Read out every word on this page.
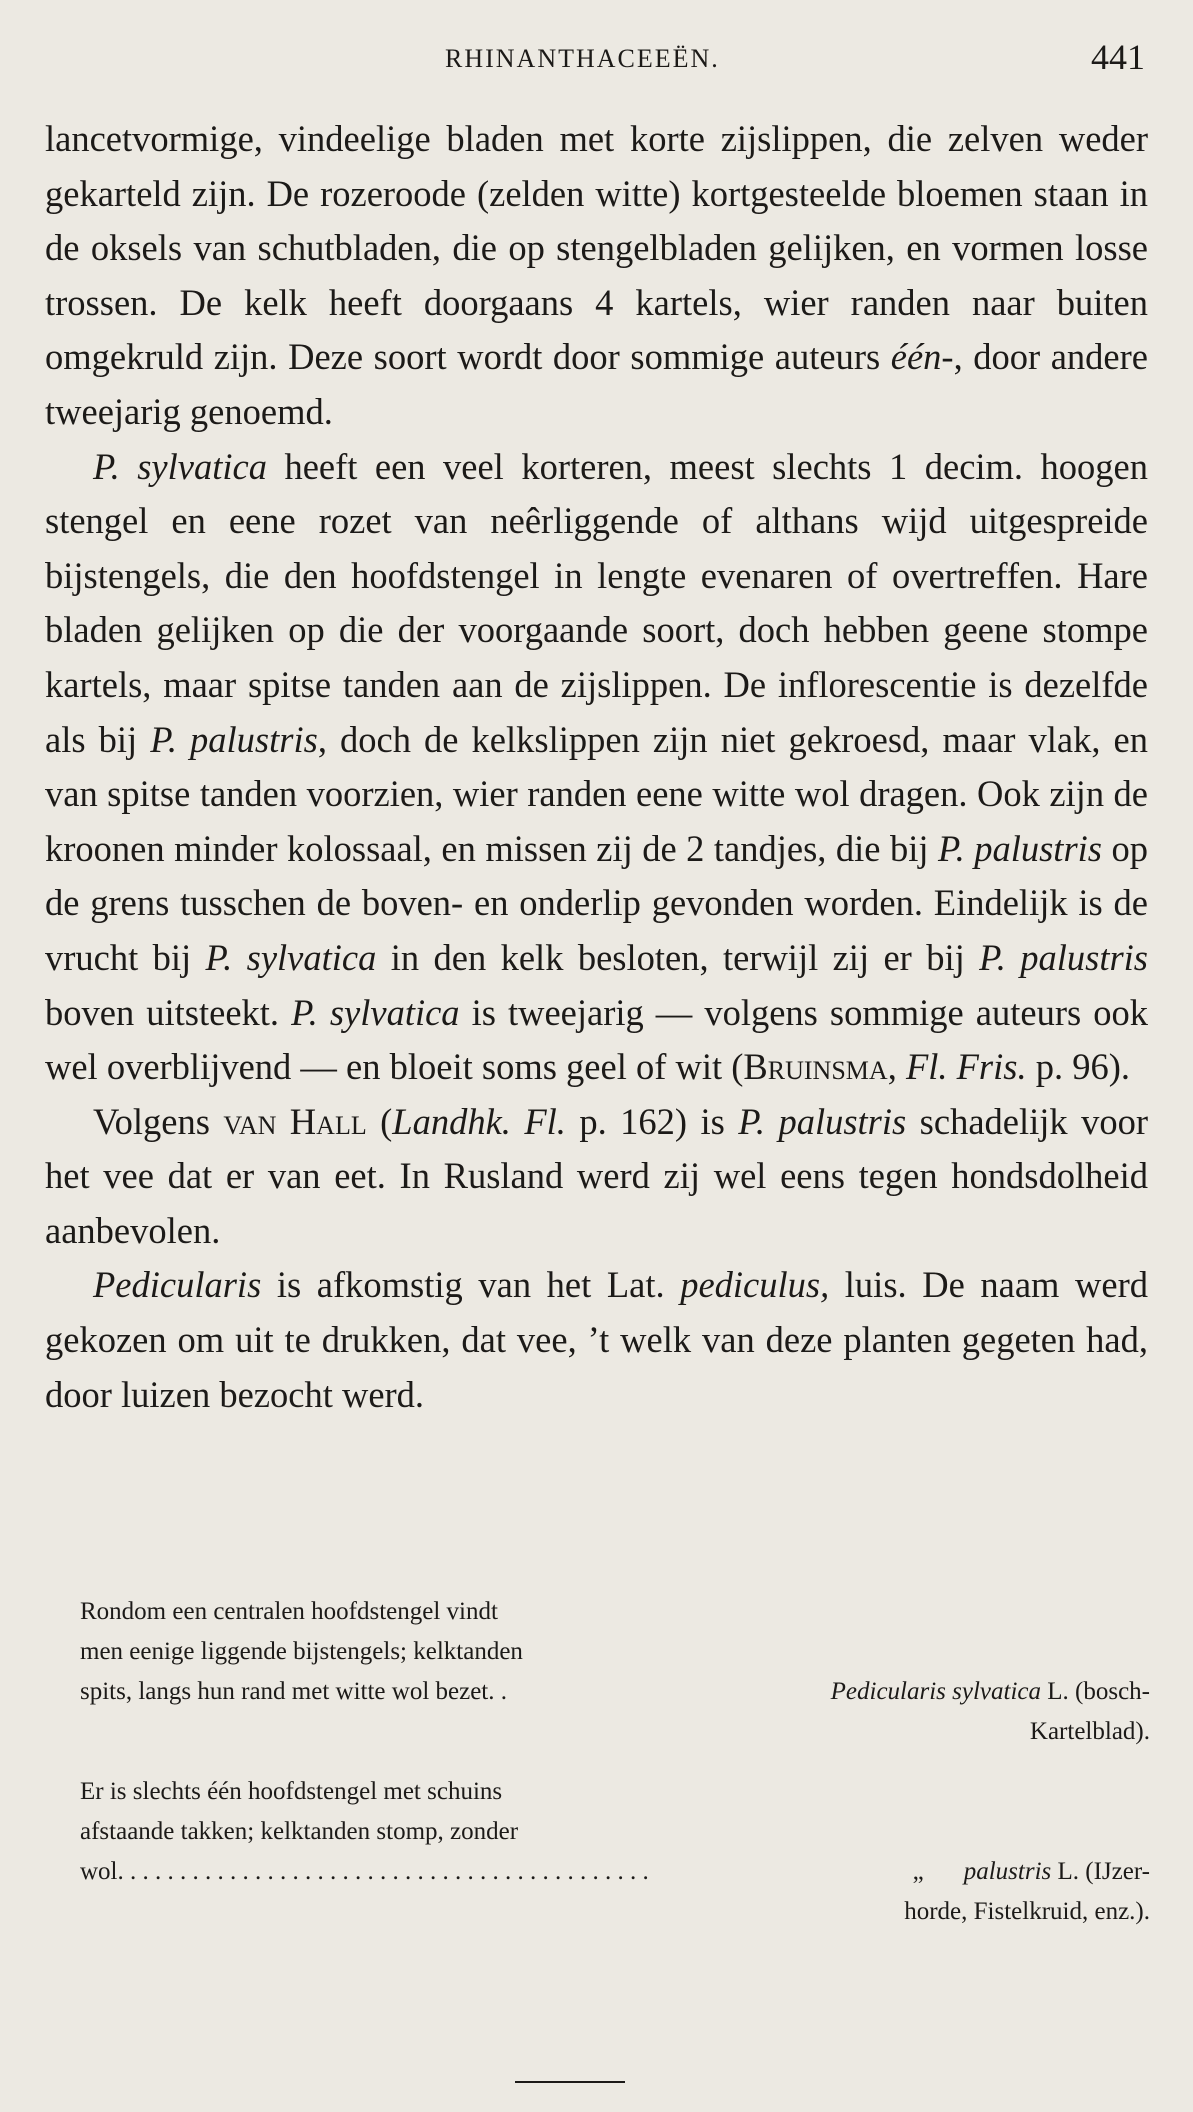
RHINANTHACEEËN.	441

lancetvormige, vindeelige bladen met korte zijslippen, die zelven weder gekarteld zijn. De rozeroode (zelden witte) kortgesteelde bloemen staan in de oksels van schutbladen, die op stengelbladen gelijken, en vormen losse trossen. De kelk heeft doorgaans 4 kartels, wier randen naar buiten omgekruld zijn. Deze soort wordt door sommige auteurs één-, door andere tweejarig genoemd.

P. sylvatica heeft een veel korteren, meest slechts 1 decim. hoogen stengel en eene rozet van neêrliggende of althans wijd uitgespreide bijstengels, die den hoofdstengel in lengte evenaren of overtreffen. Hare bladen gelijken op die der voorgaande soort, doch hebben geene stompe kartels, maar spitse tanden aan de zijslippen. De inflorescentie is dezelfde als bij P. palustris, doch de kelkslippen zijn niet gekroesd, maar vlak, en van spitse tanden voorzien, wier randen eene witte wol dragen. Ook zijn de kroonen minder kolossaal, en missen zij de 2 tandjes, die bij P. palustris op de grens tusschen de boven- en onderlip gevonden worden. Eindelijk is de vrucht bij P. sylvatica in den kelk besloten, terwijl zij er bij P. palustris boven uitsteekt. P. sylvatica is tweejarig — volgens sommige auteurs ook wel overblijvend — en bloeit soms geel of wit (Bruinsma, Fl. Fris. p. 96).

Volgens van Hall (Landhk. Fl. p. 162) is P. palustris schadelijk voor het vee dat er van eet. In Rusland werd zij wel eens tegen hondsdolheid aanbevolen.

Pedicularis is afkomstig van het Lat. pediculus, luis. De naam werd gekozen om uit te drukken, dat vee, ’t welk van deze planten gegeten had, door luizen bezocht werd.

Rondom een centralen hoofdstengel vindt
men eenige liggende bijstengels; kelktanden
spits, langs hun rand met witte wol bezet. .	Pedicularis sylvatica L. (bosch-
Kartelblad).
Er is slechts één hoofdstengel met schuins
afstaande takken; kelktanden stomp, zonder
wol. . . . . . . . . . . . . . . . . . . . . . . . . . . . . . . . . . . . . . . . . . .	„ palustris L. (IJzer-
horde, Fistelkruid, enz.).
